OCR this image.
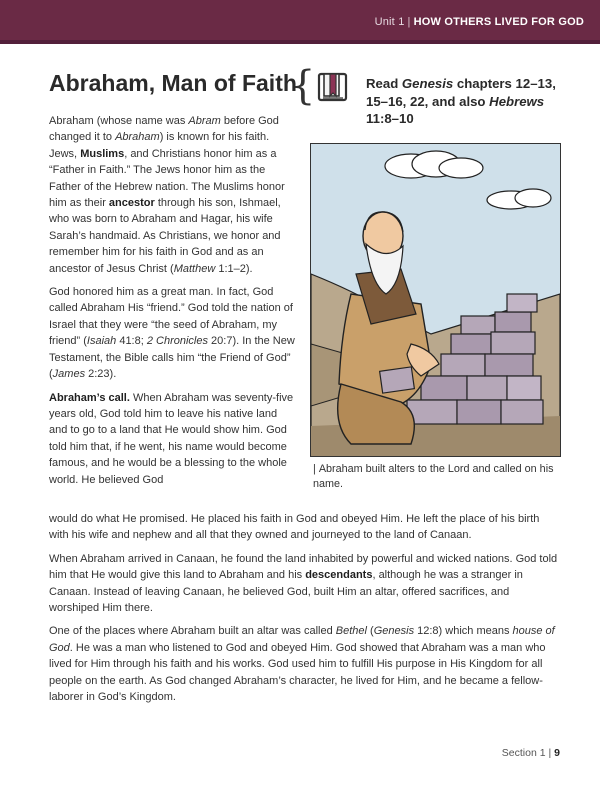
Unit 1 | HOW OTHERS LIVED FOR GOD
Abraham, Man of Faith
{	Read Genesis chapters 12–13, 15–16, 22, and also Hebrews 11:8–10

Abraham (whose name was Abram before God changed it to Abraham) is known for his faith. Jews, Muslims, and Christians honor him as a “Father in Faith.” The Jews honor him as the Father of the Hebrew nation. The Muslims honor him as their ancestor through his son, Ishmael, who was born to Abraham and Hagar, his wife Sarah’s handmaid. As Christians, we honor and remember him for his faith in God and as an ancestor of Jesus Christ (Matthew 1:1–2).

God honored him as a great man. In fact, God called Abraham His “friend.” God told the nation of Israel that they were “the seed of Abraham, my friend” (Isaiah 41:8; 2 Chronicles 20:7). In the New Testament, the Bible calls him “the Friend of God” (James 2:23).

Abraham’s call. When Abraham was seventy-five years old, God told him to leave his native land and to go to a land that He would show him. God told him that, if he went, his name would become famous, and he would be a blessing to the whole world. He believed God

| Abraham built alters to the Lord and called on his name.

would do what He promised. He placed his faith in God and obeyed Him. He left the place of his birth with his wife and nephew and all that they owned and journeyed to the land of Canaan.

When Abraham arrived in Canaan, he found the land inhabited by powerful and wicked nations. God told him that He would give this land to Abraham and his descendants, although he was a stranger in Canaan. Instead of leaving Canaan, he believed God, built Him an altar, offered sacrifices, and worshiped Him there.

One of the places where Abraham built an altar was called Bethel (Genesis 12:8) which means house of God. He was a man who listened to God and obeyed Him. God showed that Abraham was a man who lived for Him through his faith and his works. God used him to fulfill His purpose in His Kingdom for all people on the earth. As God changed Abraham’s character, he lived for Him, and he became a fellow-laborer in God’s Kingdom.

Section 1 | 9
